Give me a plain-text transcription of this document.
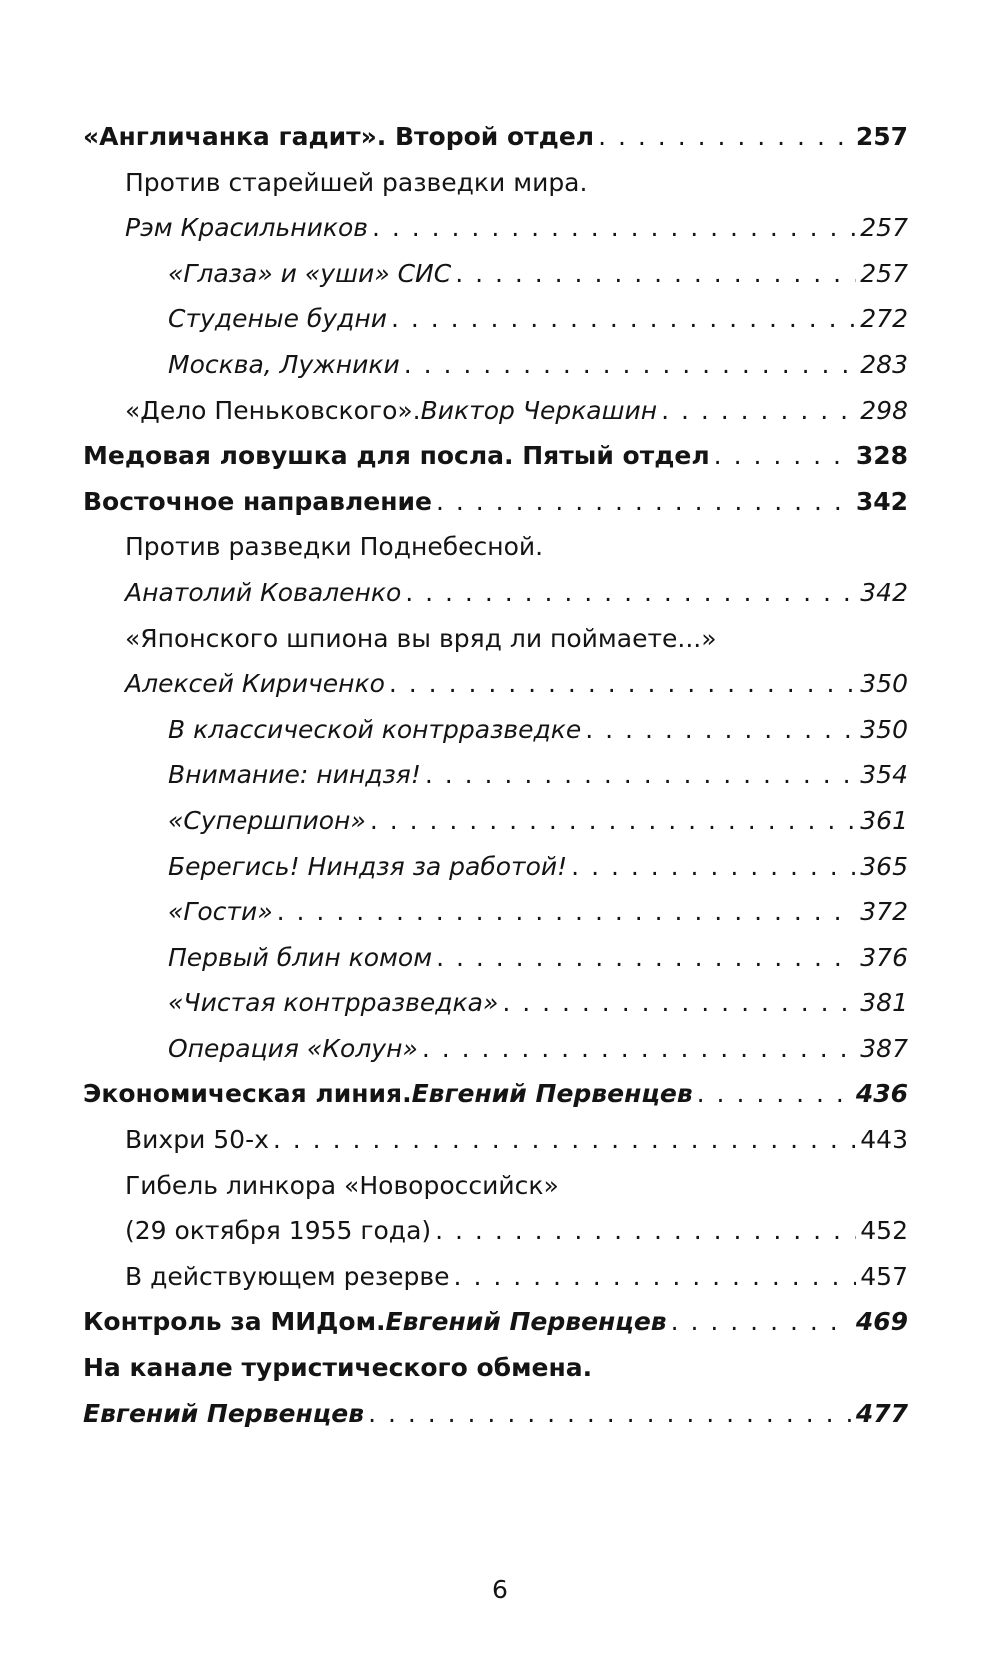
«Англичанка гадит». Второй отдел . . .	257
Против старейшей разведки мира.
Рэм Красильников . . .	257
«Глаза» и «уши» СИС . . .	257
Студеные будни . . .	272
Москва, Лужники . . .	283
«Дело Пеньковского». Виктор Черкашин . . .	298
Медовая ловушка для посла. Пятый отдел . . .	328
Восточное направление . . .	342
Против разведки Поднебесной.
Анатолий Коваленко . . .	342
«Японского шпиона вы вряд ли поймаете...»
Алексей Кириченко . . .	350
В классической контрразведке . . .	350
Внимание: ниндзя! . . .	354
«Супершпион» . . .	361
Берегись! Ниндзя за работой! . . .	365
«Гости» . . .	372
Первый блин комом . . .	376
«Чистая контрразведка» . . .	381
Операция «Колун» . . .	387
Экономическая линия. Евгений Первенцев . . .	436
Вихри 50-х . . .	443
Гибель линкора «Новороссийск»
(29 октября 1955 года) . . .	452
В действующем резерве . . .	457
Контроль за МИДом. Евгений Первенцев . . .	469
На канале туристического обмена.
Евгений Первенцев . . .	477
6
